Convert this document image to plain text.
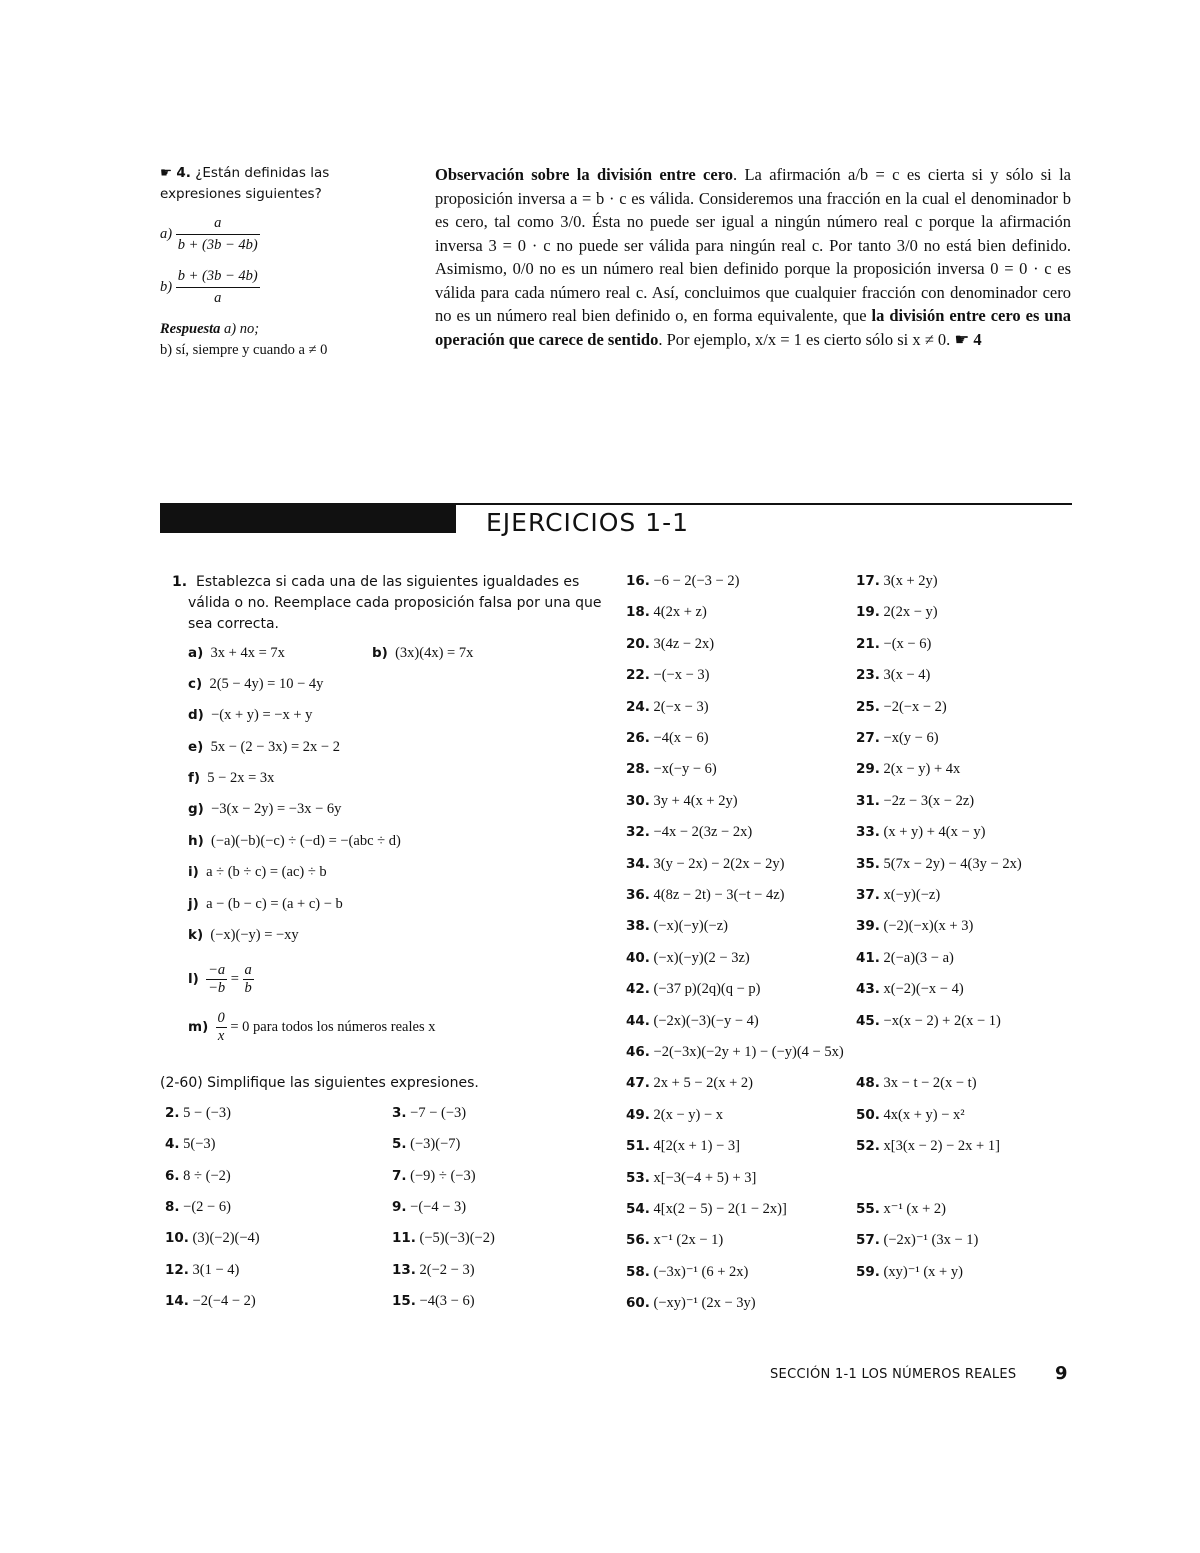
☛ 4. ¿Están definidas las expresiones siguientes?
$a) \frac{a}{b + (3b - 4b)}$
$b) \frac{b + (3b - 4b)}{a}$
Respuesta a) no;
b) sí, siempre y cuando a ≠ 0
Observación sobre la división entre cero. La afirmación a/b = c es cierta si y sólo si la proposición inversa a = b · c es válida. Consideremos una fracción en la cual el denominador b es cero, tal como 3/0. Ésta no puede ser igual a ningún número real c porque la afirmación inversa 3 = 0 · c no puede ser válida para ningún real c. Por tanto 3/0 no está bien definido. Asimismo, 0/0 no es un número real bien definido porque la proposición inversa 0 = 0 · c es válida para cada número real c. Así, concluimos que cualquier fracción con denominador cero no es un número real bien definido o, en forma equivalente, que la división entre cero es una operación que carece de sentido. Por ejemplo, x/x = 1 es cierto sólo si x ≠ 0. ☛ 4
EJERCICIOS 1-1
1. Establezca si cada una de las siguientes igualdades es válida o no. Reemplace cada proposición falsa por una que sea correcta.
a) 3x + 4x = 7x	b) (3x)(4x) = 7x
c) 2(5 − 4y) = 10 − 4y
d) −(x + y) = −x + y
e) 5x − (2 − 3x) = 2x − 2
f) 5 − 2x = 3x
g) −3(x − 2y) = −3x − 6y
h) (−a)(−b)(−c) ÷ (−d) = −(abc ÷ d)
i) a ÷ (b ÷ c) = (ac) ÷ b
j) a − (b − c) = (a + c) − b
k) (−x)(−y) = −xy
$l) \frac{-a}{-b} = \frac{a}{b}$
$m) \frac{0}{x} = 0$ para todos los números reales x
(2-60) Simplifique las siguientes expresiones.
2. 5 − (−3)	3. −7 − (−3)
4. 5(−3)	5. (−3)(−7)
6. 8 ÷ (−2)	7. (−9) ÷ (−3)
8. −(2 − 6)	9. −(−4 − 3)
10. (3)(−2)(−4)	11. (−5)(−3)(−2)
12. 3(1 − 4)	13. 2(−2 − 3)
14. −2(−4 − 2)	15. −4(3 − 6)
16. −6 − 2(−3 − 2)	17. 3(x + 2y)
18. 4(2x + z)	19. 2(2x − y)
20. 3(4z − 2x)	21. −(x − 6)
22. −(−x − 3)	23. 3(x − 4)
24. 2(−x − 3)	25. −2(−x − 2)
26. −4(x − 6)	27. −x(y − 6)
28. −x(−y − 6)	29. 2(x − y) + 4x
30. 3y + 4(x + 2y)	31. −2z − 3(x − 2z)
32. −4x − 2(3z − 2x)	33. (x + y) + 4(x − y)
34. 3(y − 2x) − 2(2x − 2y)	35. 5(7x − 2y) − 4(3y − 2x)
36. 4(8z − 2t) − 3(−t − 4z)	37. x(−y)(−z)
38. (−x)(−y)(−z)	39. (−2)(−x)(x + 3)
40. (−x)(−y)(2 − 3z)	41. 2(−a)(3 − a)
42. (−37 p)(2q)(q − p)	43. x(−2)(−x − 4)
44. (−2x)(−3)(−y − 4)	45. −x(x − 2) + 2(x − 1)
46. −2(−3x)(−2y + 1) − (−y)(4 − 5x)
47. 2x + 5 − 2(x + 2)	48. 3x − t − 2(x − t)
49. 2(x − y) − x	50. 4x(x + y) − x²
51. 4[2(x + 1) − 3]	52. x[3(x − 2) − 2x + 1]
53. x[−3(−4 + 5) + 3]
54. 4[x(2 − 5) − 2(1 − 2x)]	55. x⁻¹ (x + 2)
56. x⁻¹ (2x − 1)	57. (−2x)⁻¹ (3x − 1)
58. (−3x)⁻¹ (6 + 2x)	59. (xy)⁻¹ (x + y)
60. (−xy)⁻¹ (2x − 3y)
SECCIÓN 1-1 LOS NÚMEROS REALES 9
